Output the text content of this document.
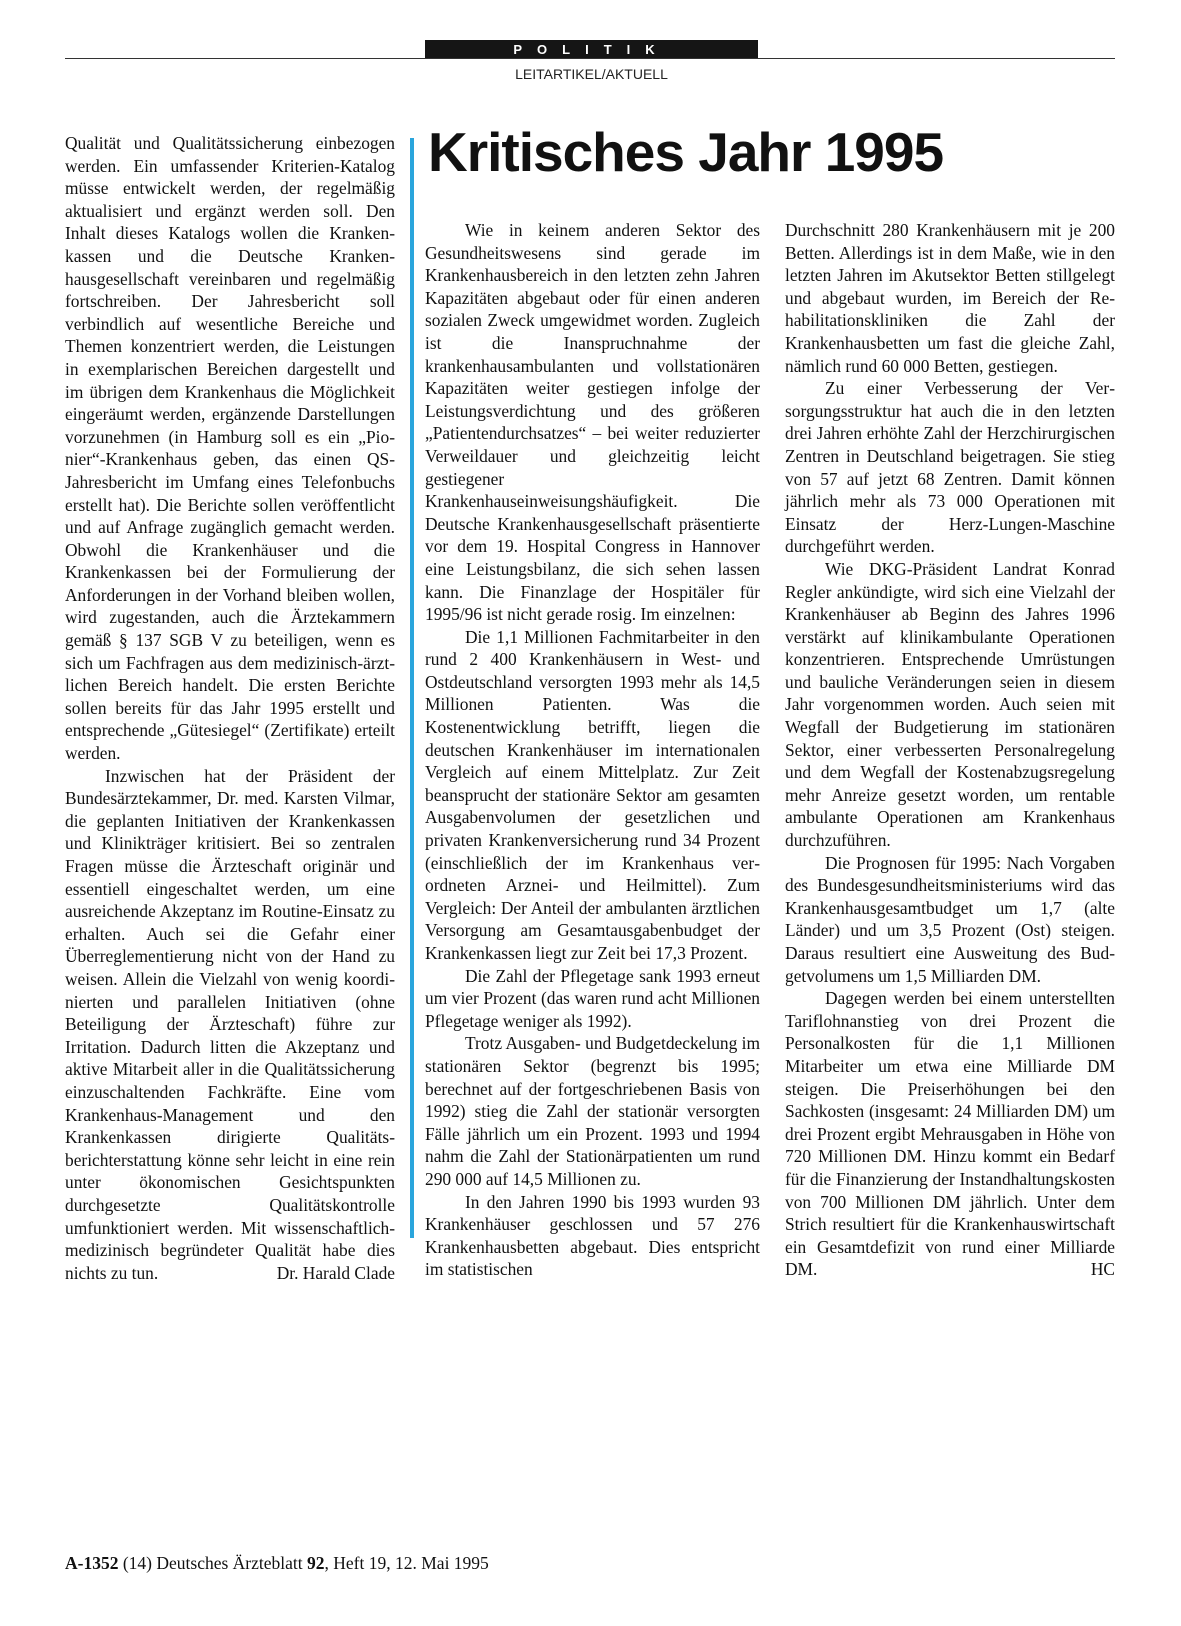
POLITIK
LEITARTIKEL/AKTUELL
Kritisches Jahr 1995

Qualität und Qualitätssicherung einbezogen werden. Ein umfassender Kriterien-Katalog müsse entwickelt werden, der regelmäßig aktualisiert und ergänzt werden soll. Den Inhalt dieses Katalogs wollen die Krankenkassen und die Deutsche Krankenhausgesellschaft vereinbaren und regelmäßig fortschreiben. Der Jahresbericht soll verbindlich auf wesentliche Bereiche und Themen konzentriert werden, die Leistungen in exemplarischen Bereichen dargestellt und im übrigen dem Krankenhaus die Möglichkeit eingeräumt werden, ergänzende Darstellungen vorzunehmen (in Hamburg soll es ein „Pionier“-Krankenhaus geben, das einen QS-Jahresbericht im Umfang eines Telefonbuchs erstellt hat). Die Berichte sollen veröffentlicht und auf Anfrage zugänglich gemacht werden. Obwohl die Krankenhäuser und die Krankenkassen bei der Formulierung der Anforderungen in der Vorhand bleiben wollen, wird zugestanden, auch die Ärztekammern gemäß § 137 SGB V zu beteiligen, wenn es sich um Fachfragen aus dem medizinisch-ärztlichen Bereich handelt. Die ersten Berichte sollen bereits für das Jahr 1995 erstellt und entsprechende „Gütesiegel“ (Zertifikate) erteilt werden.

Inzwischen hat der Präsident der Bundesärztekammer, Dr. med. Karsten Vilmar, die geplanten Initiativen der Krankenkassen und Klinikträger kritisiert. Bei so zentralen Fragen müsse die Ärzteschaft originär und essentiell eingeschaltet werden, um eine ausreichende Akzeptanz im Routine-Einsatz zu erhalten. Auch sei die Gefahr einer Überreglementierung nicht von der Hand zu weisen. Allein die Vielzahl von wenig koordinierten und parallelen Initiativen (ohne Beteiligung der Ärzteschaft) führe zur Irritation. Dadurch litten die Akzeptanz und aktive Mitarbeit aller in die Qualitätssicherung einzuschaltenden Fachkräfte. Eine vom Krankenhaus-Management und den Krankenkassen dirigierte Qualitätsberichterstattung könne sehr leicht in eine rein unter ökonomischen Gesichtspunkten durchgesetzte Qualitätskontrolle umfunktioniert werden. Mit wissenschaftlich-medizinisch begründeter Qualität habe dies nichts zu tun.	Dr. Harald Clade

Wie in keinem anderen Sektor des Gesundheitswesens sind gerade im Krankenhausbereich in den letzten zehn Jahren Kapazitäten abgebaut oder für einen anderen sozialen Zweck umgewidmet worden. Zugleich ist die Inanspruchnahme der krankenhausambulanten und vollstationären Kapazitäten weiter gestiegen infolge der Leistungsverdichtung und des größeren „Patientendurchsatzes“ – bei weiter reduzierter Verweildauer und gleichzeitig leicht gestiegener Krankenhauseinweisungshäufigkeit. Die Deutsche Krankenhausgesellschaft präsentierte vor dem 19. Hospital Congress in Hannover eine Leistungsbilanz, die sich sehen lassen kann. Die Finanzlage der Hospitäler für 1995/96 ist nicht gerade rosig. Im einzelnen:

Die 1,1 Millionen Fachmitarbeiter in den rund 2 400 Krankenhäusern in West- und Ostdeutschland versorgten 1993 mehr als 14,5 Millionen Patienten. Was die Kostenentwicklung betrifft, liegen die deutschen Krankenhäuser im internationalen Vergleich auf einem Mittelplatz. Zur Zeit beansprucht der stationäre Sektor am gesamten Ausgabenvolumen der gesetzlichen und privaten Krankenversicherung rund 34 Prozent (einschließlich der im Krankenhaus verordneten Arznei- und Heilmittel). Zum Vergleich: Der Anteil der ambulanten ärztlichen Versorgung am Gesamtausgabenbudget der Krankenkassen liegt zur Zeit bei 17,3 Prozent.

Die Zahl der Pflegetage sank 1993 erneut um vier Prozent (das waren rund acht Millionen Pflegetage weniger als 1992).

Trotz Ausgaben- und Budgetdeckelung im stationären Sektor (begrenzt bis 1995; berechnet auf der fortgeschriebenen Basis von 1992) stieg die Zahl der stationär versorgten Fälle jährlich um ein Prozent. 1993 und 1994 nahm die Zahl der Stationärpatienten um rund 290 000 auf 14,5 Millionen zu.

In den Jahren 1990 bis 1993 wurden 93 Krankenhäuser geschlossen und 57 276 Krankenhausbetten abgebaut. Dies entspricht im statistischen

Durchschnitt 280 Krankenhäusern mit je 200 Betten. Allerdings ist in dem Maße, wie in den letzten Jahren im Akutsektor Betten stillgelegt und abgebaut wurden, im Bereich der Rehabilitationskliniken die Zahl der Krankenhausbetten um fast die gleiche Zahl, nämlich rund 60 000 Betten, gestiegen.

Zu einer Verbesserung der Versorgungsstruktur hat auch die in den letzten drei Jahren erhöhte Zahl der Herzchirurgischen Zentren in Deutschland beigetragen. Sie stieg von 57 auf jetzt 68 Zentren. Damit können jährlich mehr als 73 000 Operationen mit Einsatz der Herz-Lungen-Maschine durchgeführt werden.

Wie DKG-Präsident Landrat Konrad Regler ankündigte, wird sich eine Vielzahl der Krankenhäuser ab Beginn des Jahres 1996 verstärkt auf klinikambulante Operationen konzentrieren. Entsprechende Umrüstungen und bauliche Veränderungen seien in diesem Jahr vorgenommen worden. Auch seien mit Wegfall der Budgetierung im stationären Sektor, einer verbesserten Personalregelung und dem Wegfall der Kostenabzugsregelung mehr Anreize gesetzt worden, um rentable ambulante Operationen am Krankenhaus durchzuführen.

Die Prognosen für 1995: Nach Vorgaben des Bundesgesundheitsministeriums wird das Krankenhausgesamtbudget um 1,7 (alte Länder) und um 3,5 Prozent (Ost) steigen. Daraus resultiert eine Ausweitung des Budgetvolumens um 1,5 Milliarden DM.

Dagegen werden bei einem unterstellten Tariflohnanstieg von drei Prozent die Personalkosten für die 1,1 Millionen Mitarbeiter um etwa eine Milliarde DM steigen. Die Preiserhöhungen bei den Sachkosten (insgesamt: 24 Milliarden DM) um drei Prozent ergibt Mehrausgaben in Höhe von 720 Millionen DM. Hinzu kommt ein Bedarf für die Finanzierung der Instandhaltungskosten von 700 Millionen DM jährlich. Unter dem Strich resultiert für die Krankenhauswirtschaft ein Gesamtdefizit von rund einer Milliarde DM.	HC

A-1352 (14) Deutsches Ärzteblatt 92, Heft 19, 12. Mai 1995
